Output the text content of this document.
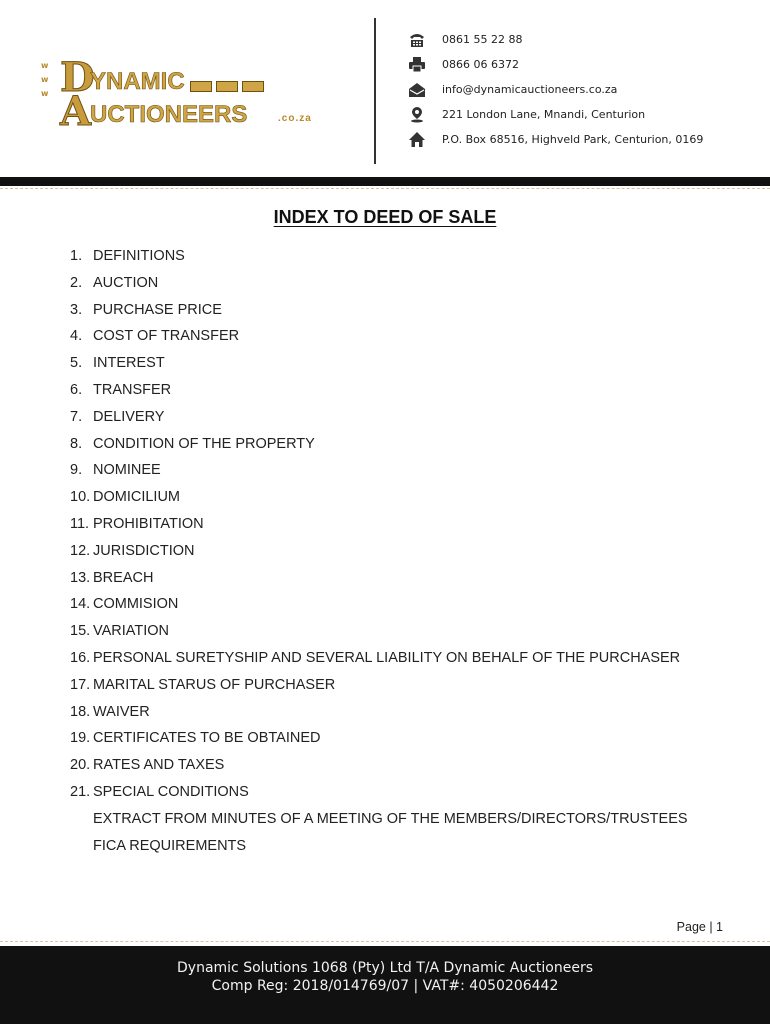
w
w
w D
YNAMIC
A
UCTIONEERS	.co.za
0861 55 22 88
0866 06 6372
info@dynamicauctioneers.co.za
221 London Lane, Mnandi, Centurion
P.O. Box 68516, Highveld Park, Centurion, 0169
INDEX TO DEED OF SALE
1. DEFINITIONS
2. AUCTION
3. PURCHASE PRICE
4. COST OF TRANSFER
5. INTEREST
6. TRANSFER
7. DELIVERY
8. CONDITION OF THE PROPERTY
9. NOMINEE
10. DOMICILIUM
11. PROHIBITATION
12. JURISDICTION
13. BREACH
14. COMMISION
15. VARIATION
16. PERSONAL SURETYSHIP AND SEVERAL LIABILITY ON BEHALF OF THE PURCHASER
17. MARITAL STARUS OF PURCHASER
18. WAIVER
19. CERTIFICATES TO BE OBTAINED
20. RATES AND TAXES
21. SPECIAL CONDITIONS
EXTRACT FROM MINUTES OF A MEETING OF THE MEMBERS/DIRECTORS/TRUSTEES
FICA REQUIREMENTS
Page | 1
Dynamic Solutions 1068 (Pty) Ltd T/A Dynamic Auctioneers
Comp Reg: 2018/014769/07 | VAT#: 4050206442
